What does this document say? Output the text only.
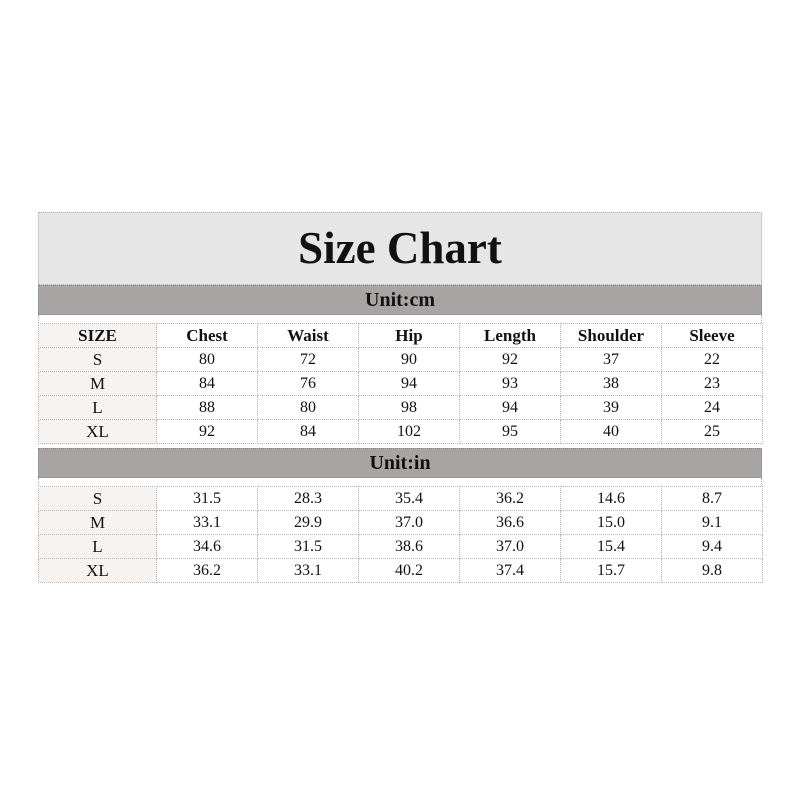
Size Chart
Unit:cm
SIZE	Chest	Waist	Hip	Length	Shoulder	Sleeve
S	80	72	90	92	37	22
M	84	76	94	93	38	23
L	88	80	98	94	39	24
XL	92	84	102	95	40	25
Unit:in
S	31.5	28.3	35.4	36.2	14.6	8.7
M	33.1	29.9	37.0	36.6	15.0	9.1
L	34.6	31.5	38.6	37.0	15.4	9.4
XL	36.2	33.1	40.2	37.4	15.7	9.8
